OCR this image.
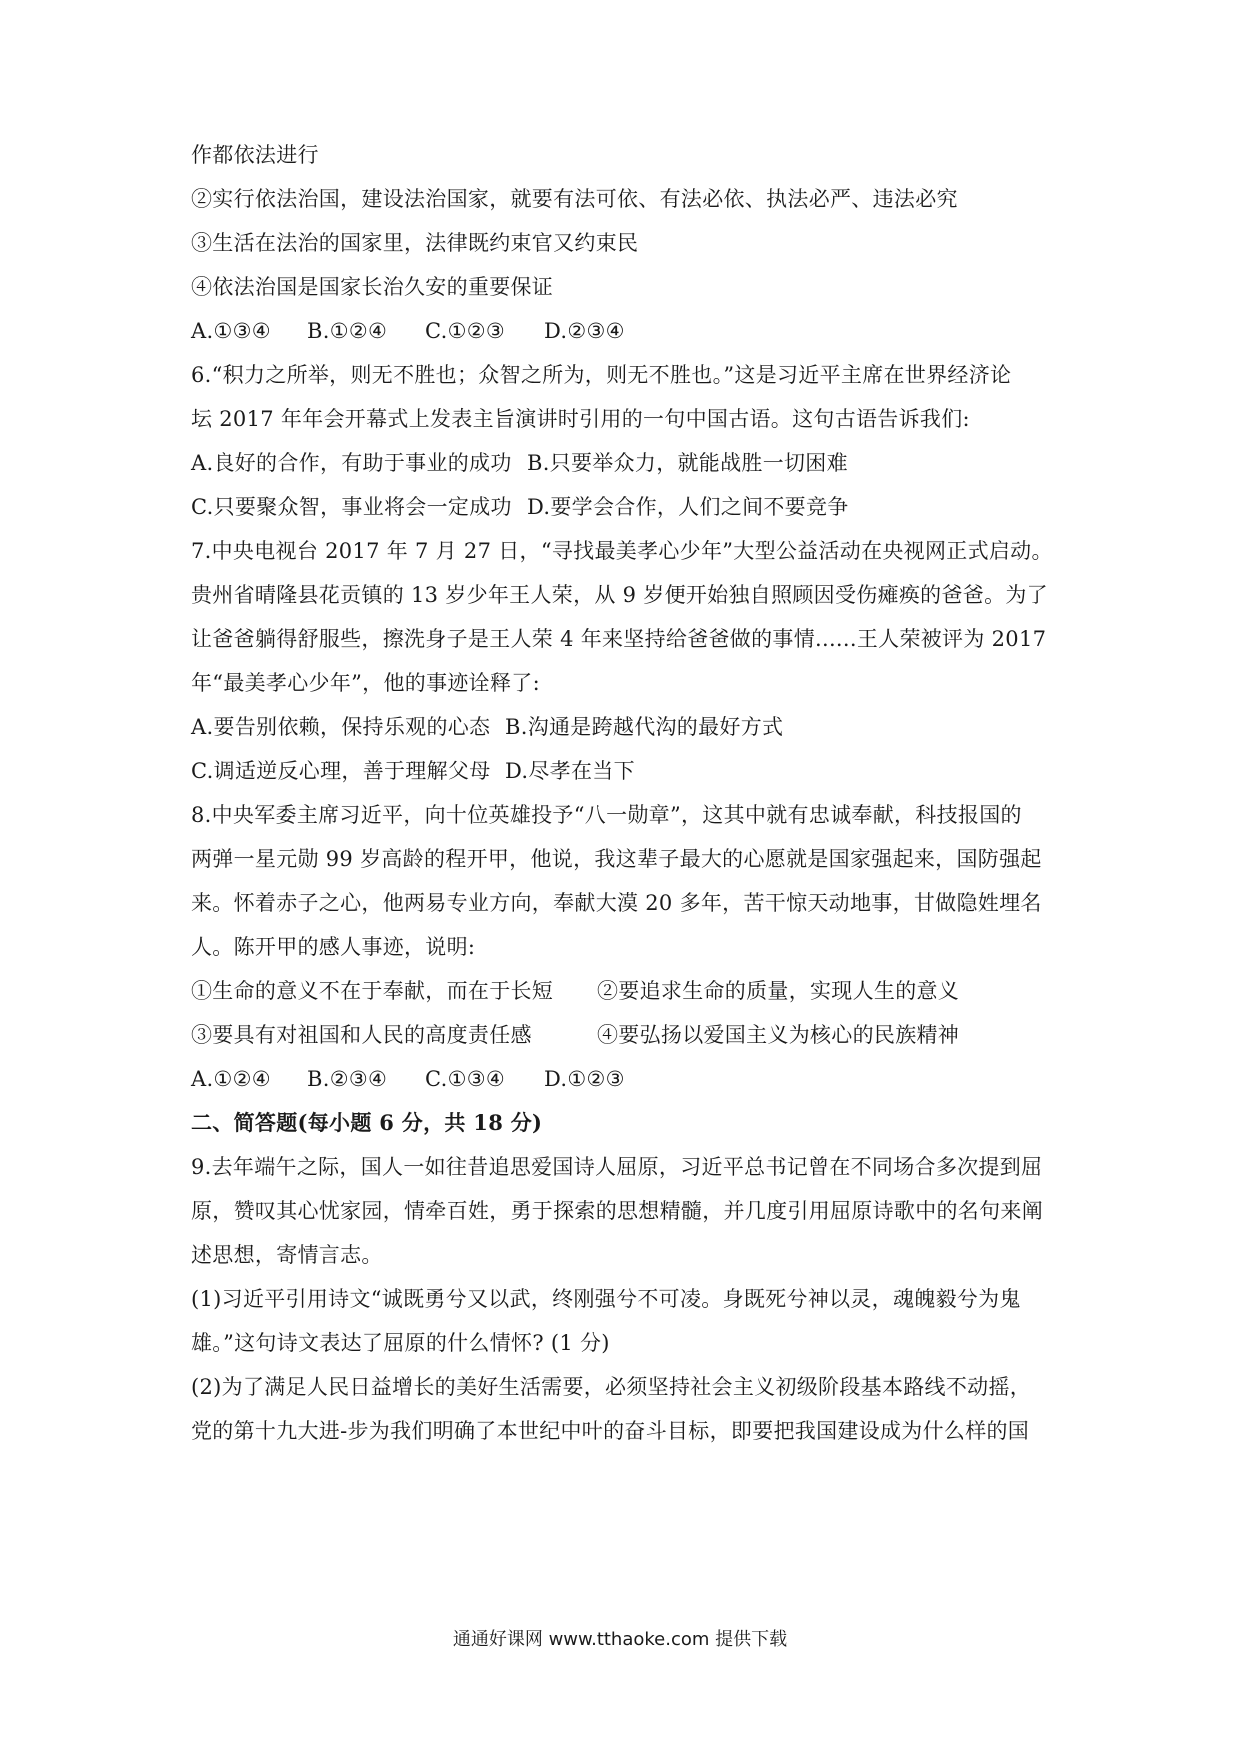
作都依法进行
②实行依法治国，建设法治国家，就要有法可依、有法必依、执法必严、违法必究
③生活在法治的国家里，法律既约束官又约束民
④依法治国是国家长治久安的重要保证
A.①③④ B.①②④ C.①②③ D.②③④
6.“积力之所举，则无不胜也；众智之所为，则无不胜也。”这是习近平主席在世界经济论
坛 2017 年年会开幕式上发表主旨演讲时引用的一句中国古语。这句古语告诉我们:
A.良好的合作，有助于事业的成功 B.只要举众力，就能战胜一切困难
C.只要聚众智，事业将会一定成功 D.要学会合作，人们之间不要竞争
7.中央电视台 2017 年 7 月 27 日，“寻找最美孝心少年”大型公益活动在央视网正式启动。
贵州省晴隆县花贡镇的 13 岁少年王人荣，从 9 岁便开始独自照顾因受伤瘫痪的爸爸。为了
让爸爸躺得舒服些，擦洗身子是王人荣 4 年来坚持给爸爸做的事情......王人荣被评为 2017
年“最美孝心少年”，他的事迹诠释了:
A.要告别依赖，保持乐观的心态 B.沟通是跨越代沟的最好方式
C.调适逆反心理，善于理解父母 D.尽孝在当下
8.中央军委主席习近平，向十位英雄投予“八一勋章”，这其中就有忠诚奉献，科技报国的
两弹一星元勋 99 岁高龄的程开甲，他说，我这辈子最大的心愿就是国家强起来，国防强起
来。怀着赤子之心，他两易专业方向，奉献大漠 20 多年，苦干惊天动地事，甘做隐姓埋名
人。陈开甲的感人事迹，说明:
①生命的意义不在于奉献，而在于长短 ②要追求生命的质量，实现人生的意义
③要具有对祖国和人民的高度责任感	④要弘扬以爱国主义为核心的民族精神
A.①②④ B.②③④ C.①③④ D.①②③
二、简答题(每小题 6 分，共 18 分)
9.去年端午之际，国人一如往昔追思爱国诗人屈原，习近平总书记曾在不同场合多次提到屈
原，赞叹其心忧家园，情牵百姓，勇于探索的思想精髓，并几度引用屈原诗歌中的名句来阐
述思想，寄情言志。
(1)习近平引用诗文“诚既勇兮又以武，终刚强兮不可凌。身既死兮神以灵，魂魄毅兮为鬼
雄。”这句诗文表达了屈原的什么情怀? (1 分)
(2)为了满足人民日益增长的美好生活需要，必须坚持社会主义初级阶段基本路线不动摇，
党的第十九大进-步为我们明确了本世纪中叶的奋斗目标，即要把我国建设成为什么样的国
通通好课网 www.tthaoke.com 提供下载
